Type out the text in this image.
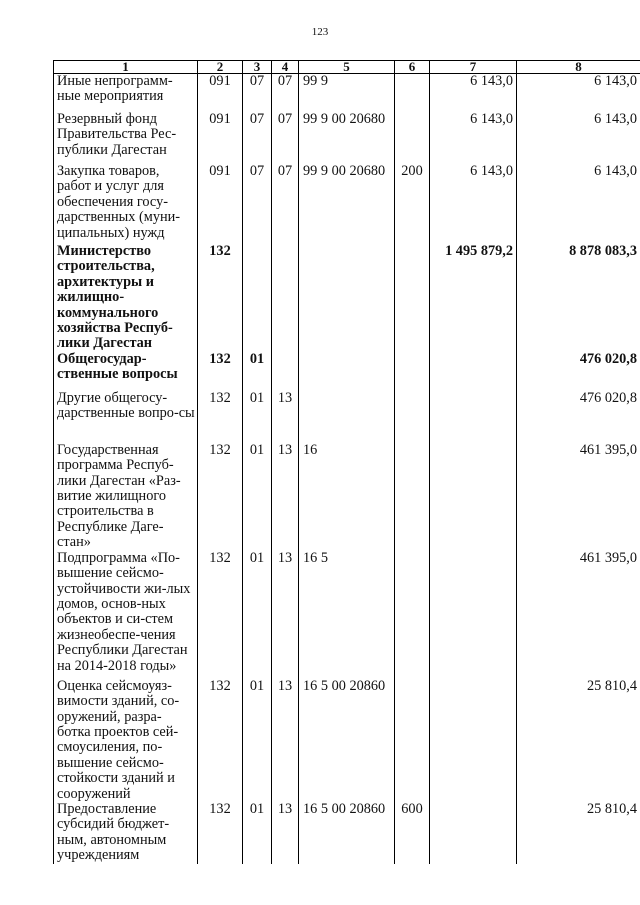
123
1	2	3	4	5	6	7	8
Иные непрограмм-ные мероприятия	091	07	07	99 9		6 143,0	6 143,0
Резервный фонд Правительства Рес-публики Дагестан	091	07	07	99 9 00 20680		6 143,0	6 143,0
Закупка товаров, работ и услуг для обеспечения госу-дарственных (муни-ципальных) нужд	091	07	07	99 9 00 20680	200	6 143,0	6 143,0
Министерство строительства, архитектуры и жилищно-коммунального хозяйства Респуб-лики Дагестан	132					1 495 879,2	8 878 083,3
Общегосудар-ственные вопросы	132	01					476 020,8
Другие общегосу-дарственные вопро-сы	132	01	13				476 020,8
Государственная программа Респуб-лики Дагестан «Раз-витие жилищного строительства в Республике Даге-стан»	132	01	13	16			461 395,0
Подпрограмма «По-вышение сейсмо-устойчивости жи-лых домов, основ-ных объектов и си-стем жизнеобеспе-чения Республики Дагестан на 2014-2018 годы»	132	01	13	16 5			461 395,0
Оценка сейсмоуяз-вимости зданий, со-оружений, разра-ботка проектов сей-смоусиления, по-вышение сейсмо-стойкости зданий и сооружений	132	01	13	16 5 00 20860			25 810,4
Предоставление субсидий бюджет-ным, автономным учреждениям	132	01	13	16 5 00 20860	600		25 810,4
